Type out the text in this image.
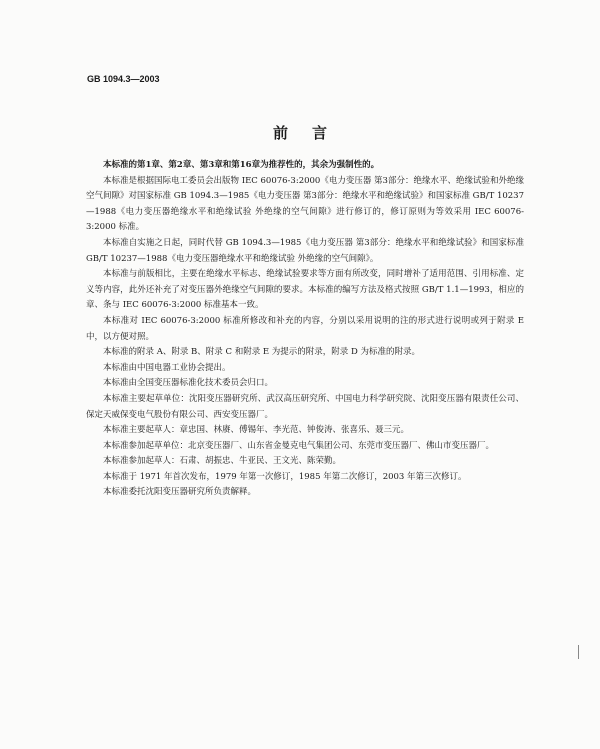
GB 1094.3—2003
前言

本标准的第1章、第2章、第3章和第16章为推荐性的，其余为强制性的。

本标准是根据国际电工委员会出版物 IEC 60076-3:2000《电力变压器 第3部分：绝缘水平、绝缘试验和外绝缘空气间隙》对国家标准 GB 1094.3—1985《电力变压器 第3部分：绝缘水平和绝缘试验》和国家标准 GB/T 10237—1988《电力变压器绝缘水平和绝缘试验 外绝缘的空气间隙》进行修订的，修订原则为等效采用 IEC 60076-3:2000 标准。

本标准自实施之日起，同时代替 GB 1094.3—1985《电力变压器 第3部分：绝缘水平和绝缘试验》和国家标准 GB/T 10237—1988《电力变压器绝缘水平和绝缘试验 外绝缘的空气间隙》。

本标准与前版相比，主要在绝缘水平标志、绝缘试验要求等方面有所改变，同时增补了适用范围、引用标准、定义等内容，此外还补充了对变压器外绝缘空气间隙的要求。本标准的编写方法及格式按照 GB/T 1.1—1993，相应的章、条与 IEC 60076-3:2000 标准基本一致。

本标准对 IEC 60076-3:2000 标准所修改和补充的内容，分别以采用说明的注的形式进行说明或列于附录 E 中，以方便对照。

本标准的附录 A、附录 B、附录 C 和附录 E 为提示的附录，附录 D 为标准的附录。

本标准由中国电器工业协会提出。

本标准由全国变压器标准化技术委员会归口。

本标准主要起草单位：沈阳变压器研究所、武汉高压研究所、中国电力科学研究院、沈阳变压器有限责任公司、保定天威保变电气股份有限公司、西安变压器厂。

本标准主要起草人：章忠国、林赓、傅锡年、李光范、钟俊涛、张喜乐、聂三元。

本标准参加起草单位：北京变压器厂、山东省金曼克电气集团公司、东莞市变压器厂、佛山市变压器厂。

本标准参加起草人：石肃、胡振忠、牛亚民、王文光、陈荣勤。

本标准于 1971 年首次发布，1979 年第一次修订，1985 年第二次修订，2003 年第三次修订。

本标准委托沈阳变压器研究所负责解释。
